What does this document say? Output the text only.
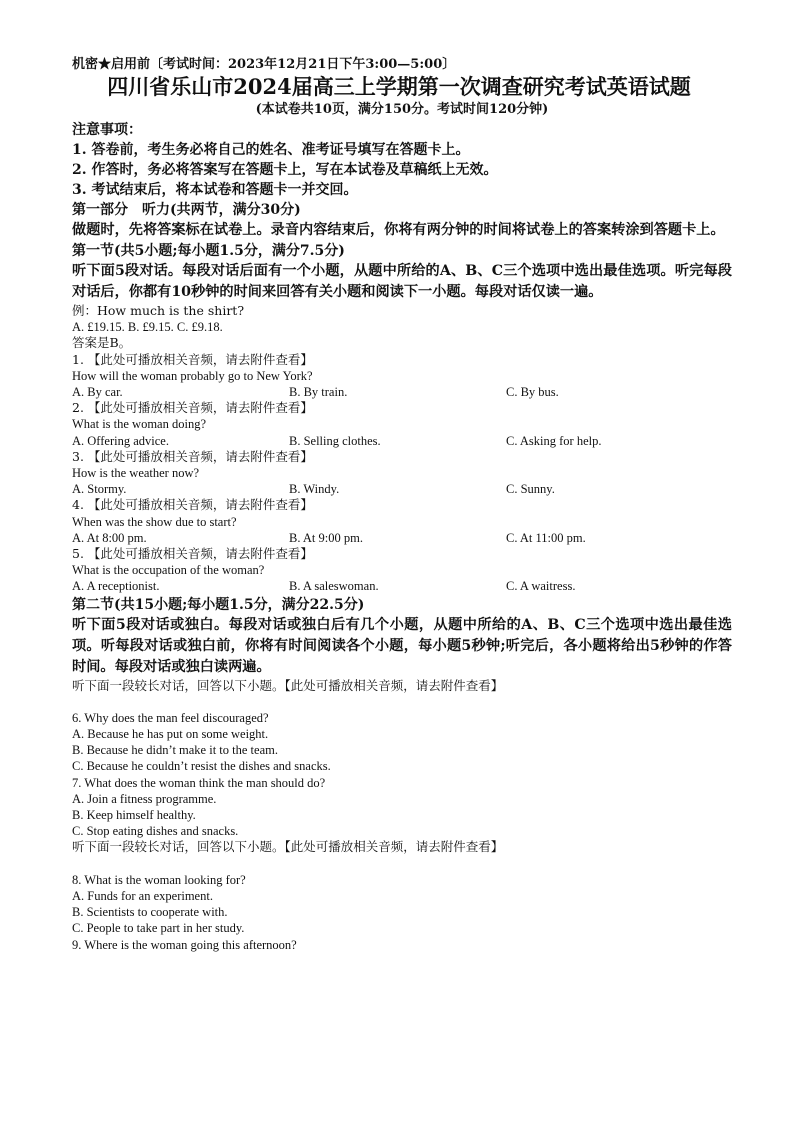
机密★启用前〔考试时间：2023年12月21日下午3:00—5:00〕
四川省乐山市2024届高三上学期第一次调查研究考试英语试题
(本试卷共10页，满分150分。考试时间120分钟)

注意事项：

1. 答卷前，考生务必将自己的姓名、准考证号填写在答题卡上。

2. 作答时，务必将答案写在答题卡上，写在本试卷及草稿纸上无效。

3. 考试结束后，将本试卷和答题卡一并交回。

第一部分　听力(共两节，满分30分)

做题时，先将答案标在试卷上。录音内容结束后，你将有两分钟的时间将试卷上的答案转涂到答题卡上。

第一节(共5小题;每小题1.5分，满分7.5分)

听下面5段对话。每段对话后面有一个小题，从题中所给的A、B、C三个选项中选出最佳选项。听完每段对话后，你都有10秒钟的时间来回答有关小题和阅读下一小题。每段对话仅读一遍。

例：How much is the shirt?

A. £19.15. B. £9.15. C. £9.18.

答案是B。

1. 【此处可播放相关音频，请去附件查看】

How will the woman probably go to New York?

A. By car.	B. By train.	C. By bus.

2. 【此处可播放相关音频，请去附件查看】

What is the woman doing?

A. Offering advice.	B. Selling clothes.	C. Asking for help.

3. 【此处可播放相关音频，请去附件查看】

How is the weather now?

A. Stormy.	B. Windy.	C. Sunny.

4. 【此处可播放相关音频，请去附件查看】

When was the show due to start?

A. At 8:00 pm.	B. At 9:00 pm.	C. At 11:00 pm.

5. 【此处可播放相关音频，请去附件查看】

What is the occupation of the woman?

A. A receptionist.	B. A saleswoman.	C. A waitress.

第二节(共15小题;每小题1.5分，满分22.5分)

听下面5段对话或独白。每段对话或独白后有几个小题，从题中所给的A、B、C三个选项中选出最佳选项。听每段对话或独白前，你将有时间阅读各个小题，每小题5秒钟;听完后，各小题将给出5秒钟的作答时间。每段对话或独白读两遍。

听下面一段较长对话，回答以下小题。【此处可播放相关音频，请去附件查看】

6. Why does the man feel discouraged?

A. Because he has put on some weight.

B. Because he didn’t make it to the team.

C. Because he couldn’t resist the dishes and snacks.

7. What does the woman think the man should do?

A. Join a fitness programme.

B. Keep himself healthy.

C. Stop eating dishes and snacks.

听下面一段较长对话，回答以下小题。【此处可播放相关音频，请去附件查看】

8. What is the woman looking for?

A. Funds for an experiment.

B. Scientists to cooperate with.

C. People to take part in her study.

9. Where is the woman going this afternoon?
